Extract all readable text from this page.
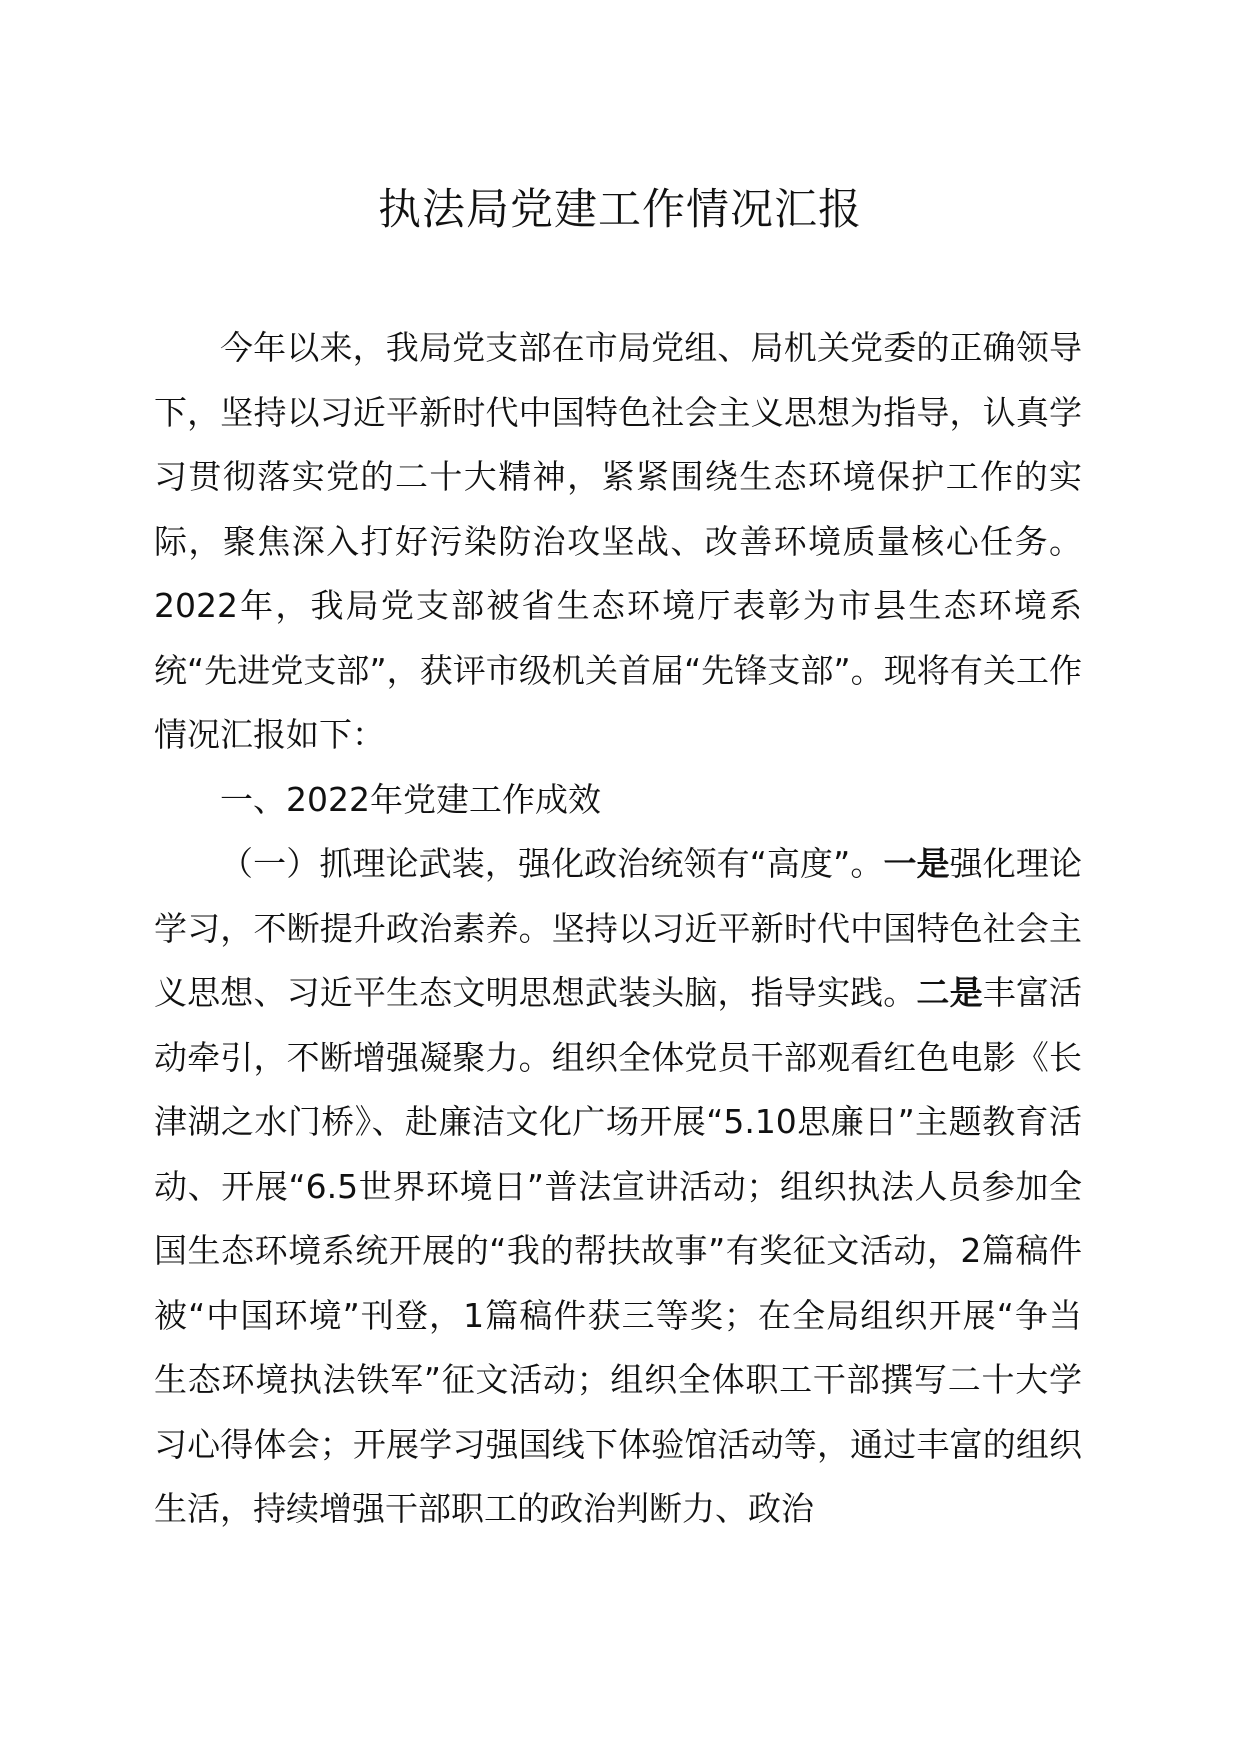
执法局党建工作情况汇报

今年以来，我局党支部在市局党组、局机关党委的正确领导下，坚持以习近平新时代中国特色社会主义思想为指导，认真学习贯彻落实党的二十大精神，紧紧围绕生态环境保护工作的实际，聚焦深入打好污染防治攻坚战、改善环境质量核心任务。2022年，我局党支部被省生态环境厅表彰为市县生态环境系统“先进党支部”，获评市级机关首届“先锋支部”。现将有关工作情况汇报如下：

一、2022年党建工作成效

（一）抓理论武装，强化政治统领有“高度”。一是强化理论学习，不断提升政治素养。坚持以习近平新时代中国特色社会主义思想、习近平生态文明思想武装头脑，指导实践。二是丰富活动牵引，不断增强凝聚力。组织全体党员干部观看红色电影《长津湖之水门桥》、赴廉洁文化广场开展“5.10思廉日”主题教育活动、开展“6.5世界环境日”普法宣讲活动；组织执法人员参加全国生态环境系统开展的“我的帮扶故事”有奖征文活动，2篇稿件被“中国环境”刊登，1篇稿件获三等奖；在全局组织开展“争当生态环境执法铁军”征文活动；组织全体职工干部撰写二十大学习心得体会；开展学习强国线下体验馆活动等，通过丰富的组织生活，持续增强干部职工的政治判断力、政治
